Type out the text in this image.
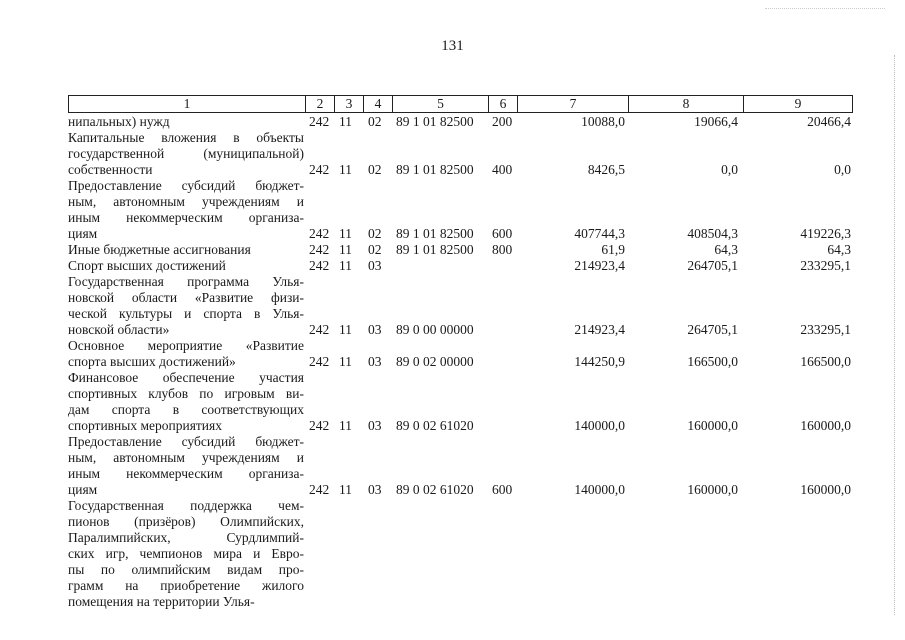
131
1	2	3	4	5	6	7	8	9
нипальных) нужд	242 11 02 89 1 01 82500 200	10088,0	19066,4	20466,4
Капитальные вложения в объекты
государственной (муниципальной)
собственности	242 11 02 89 1 01 82500 400	8426,5	0,0	0,0
Предоставление субсидий бюджет-
ным, автономным учреждениям и
иным некоммерческим организа-
циям	242 11 02 89 1 01 82500 600	407744,3	408504,3	419226,3
Иные бюджетные ассигнования	242 11 02 89 1 01 82500 800	61,9	64,3	64,3
Спорт высших достижений	242 11 03	214923,4	264705,1	233295,1
Государственная программа Улья-
новской области «Развитие физи-
ческой культуры и спорта в Улья-
новской области»	242 11 03 89 0 00 00000	214923,4	264705,1	233295,1
Основное мероприятие «Развитие
спорта высших достижений»	242 11 03 89 0 02 00000	144250,9	166500,0	166500,0
Финансовое обеспечение участия
спортивных клубов по игровым ви-
дам спорта в соответствующих
спортивных мероприятиях	242 11 03 89 0 02 61020	140000,0	160000,0	160000,0
Предоставление субсидий бюджет-
ным, автономным учреждениям и
иным некоммерческим организа-
циям	242 11 03 89 0 02 61020 600	140000,0	160000,0	160000,0
Государственная поддержка чем-
пионов (призёров) Олимпийских,
Паралимпийских, Сурдлимпий-
ских игр, чемпионов мира и Евро-
пы по олимпийским видам про-
грамм на приобретение жилого
помещения на территории Улья-
